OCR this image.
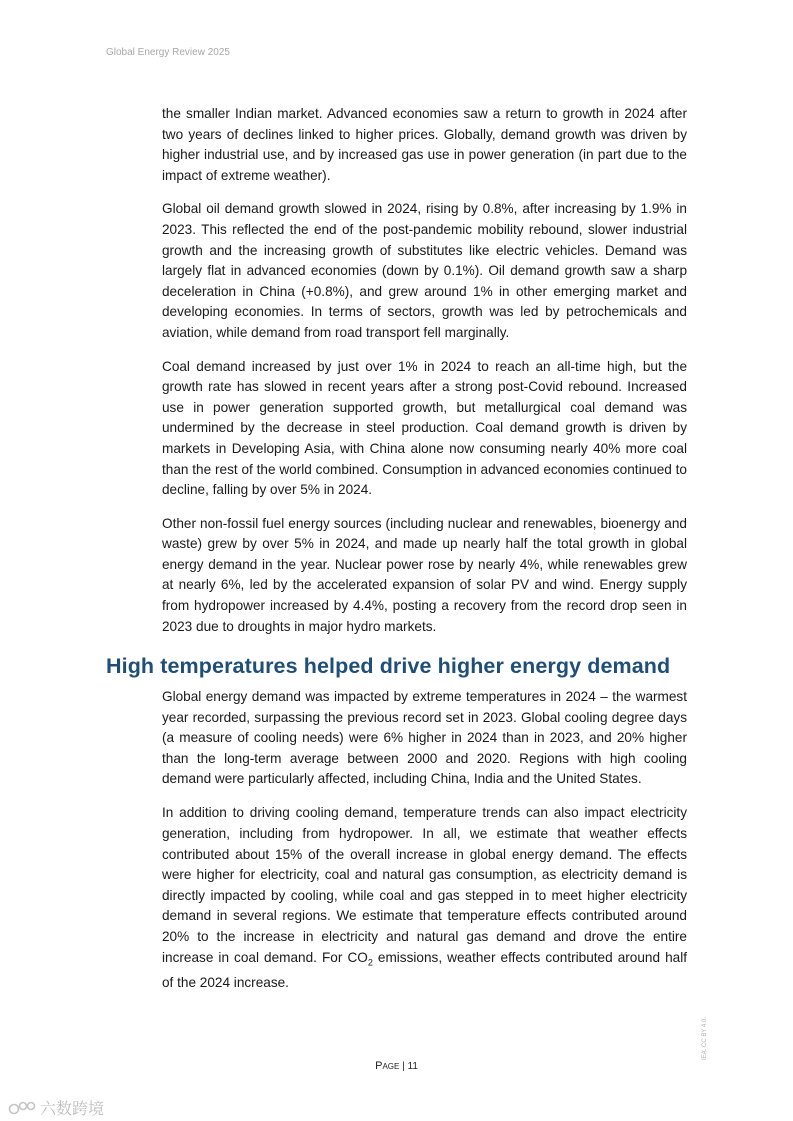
Global Energy Review 2025

the smaller Indian market. Advanced economies saw a return to growth in 2024 after two years of declines linked to higher prices. Globally, demand growth was driven by higher industrial use, and by increased gas use in power generation (in part due to the impact of extreme weather).

Global oil demand growth slowed in 2024, rising by 0.8%, after increasing by 1.9% in 2023. This reflected the end of the post-pandemic mobility rebound, slower industrial growth and the increasing growth of substitutes like electric vehicles. Demand was largely flat in advanced economies (down by 0.1%). Oil demand growth saw a sharp deceleration in China (+0.8%), and grew around 1% in other emerging market and developing economies. In terms of sectors, growth was led by petrochemicals and aviation, while demand from road transport fell marginally.

Coal demand increased by just over 1% in 2024 to reach an all-time high, but the growth rate has slowed in recent years after a strong post-Covid rebound. Increased use in power generation supported growth, but metallurgical coal demand was undermined by the decrease in steel production. Coal demand growth is driven by markets in Developing Asia, with China alone now consuming nearly 40% more coal than the rest of the world combined. Consumption in advanced economies continued to decline, falling by over 5% in 2024.

Other non-fossil fuel energy sources (including nuclear and renewables, bioenergy and waste) grew by over 5% in 2024, and made up nearly half the total growth in global energy demand in the year. Nuclear power rose by nearly 4%, while renewables grew at nearly 6%, led by the accelerated expansion of solar PV and wind. Energy supply from hydropower increased by 4.4%, posting a recovery from the record drop seen in 2023 due to droughts in major hydro markets.

High temperatures helped drive higher energy demand

Global energy demand was impacted by extreme temperatures in 2024 – the warmest year recorded, surpassing the previous record set in 2023. Global cooling degree days (a measure of cooling needs) were 6% higher in 2024 than in 2023, and 20% higher than the long-term average between 2000 and 2020. Regions with high cooling demand were particularly affected, including China, India and the United States.

In addition to driving cooling demand, temperature trends can also impact electricity generation, including from hydropower. In all, we estimate that weather effects contributed about 15% of the overall increase in global energy demand. The effects were higher for electricity, coal and natural gas consumption, as electricity demand is directly impacted by cooling, while coal and gas stepped in to meet higher electricity demand in several regions. We estimate that temperature effects contributed around 20% to the increase in electricity and natural gas demand and drove the entire increase in coal demand. For $CO_2$ emissions, weather effects contributed around half of the 2024 increase.

Page | 11
IEA. CC BY 4.0.
六数跨境
